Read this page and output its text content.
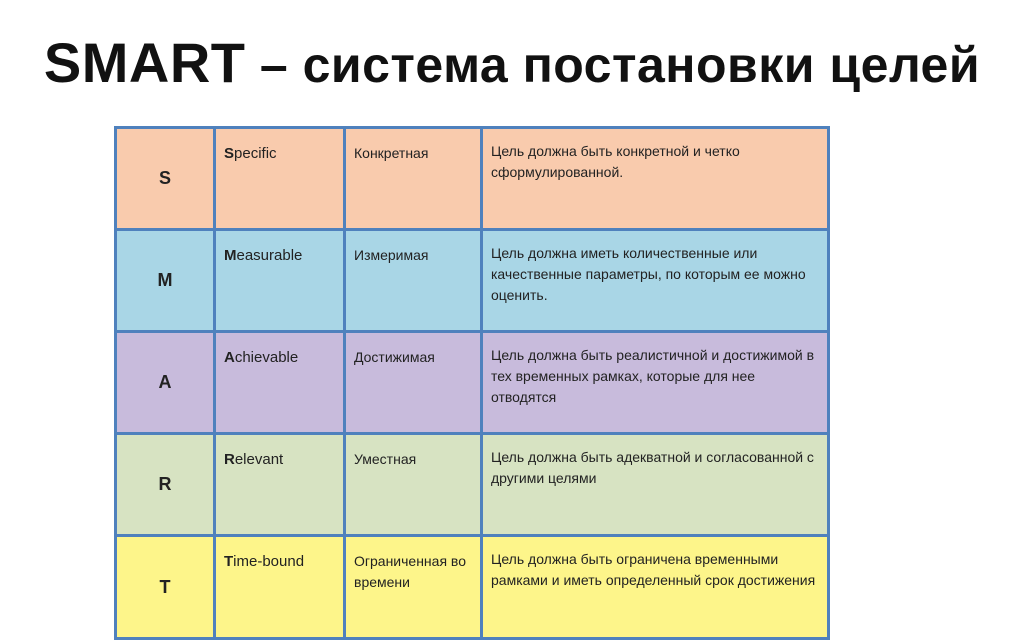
SMART – система постановки целей
S	Specific	Конкретная	Цель должна быть конкретной и четко сформулированной.
M	Measurable	Измеримая	Цель должна иметь количественные или качественные параметры, по которым ее можно оценить.
A	Achievable	Достижимая	Цель должна быть реалистичной и достижимой в тех временных рамках, которые для нее отводятся
R	Relevant	Уместная	Цель должна быть адекватной и согласованной с другими целями
T	Time-bound	Ограниченная во времени	Цель должна быть ограничена временными рамками и иметь определенный срок достижения
